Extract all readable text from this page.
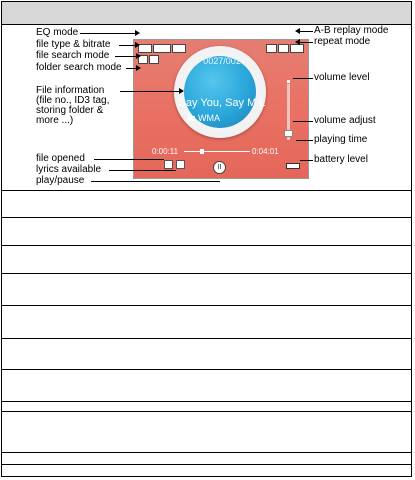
EQ mode
file type & bitrate
file search mode
folder search mode
File information
(file no., ID3 tag,
storing folder &
more ...)
file opened
lyrics available
play/pause
A-B replay mode
repeat mode
volume level
volume adjust
playing time
battery level
0027/002
Say You, Say M L
WMA
0:00:11	0:04:01
II
